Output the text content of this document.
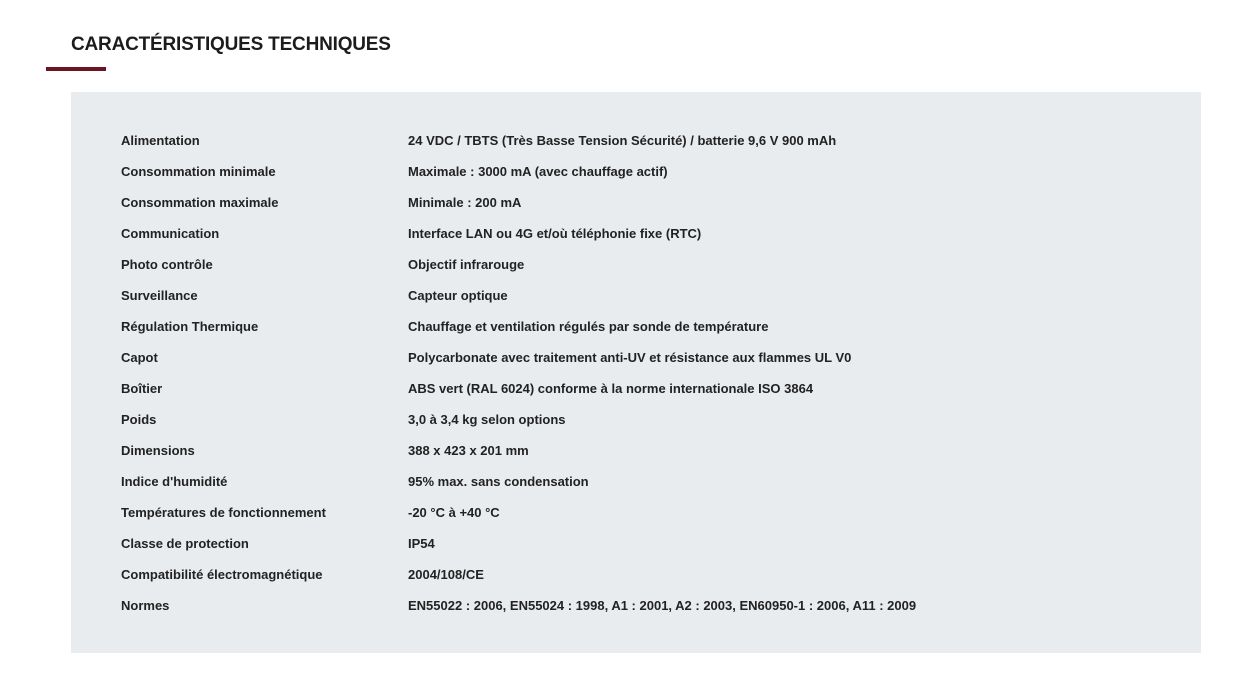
CARACTÉRISTIQUES TECHNIQUES
Alimentation	24 VDC / TBTS (Très Basse Tension Sécurité) / batterie 9,6 V 900 mAh
Consommation minimale	Maximale : 3000 mA (avec chauffage actif)
Consommation maximale	Minimale : 200 mA
Communication	Interface LAN ou 4G et/où téléphonie fixe (RTC)
Photo contrôle	Objectif infrarouge
Surveillance	Capteur optique
Régulation Thermique	Chauffage et ventilation régulés par sonde de température
Capot	Polycarbonate avec traitement anti-UV et résistance aux flammes UL V0
Boîtier	ABS vert (RAL 6024) conforme à la norme internationale ISO 3864
Poids	3,0 à 3,4 kg selon options
Dimensions	388 x 423 x 201 mm
Indice d'humidité	95% max. sans condensation
Températures de fonctionnement	-20 °C à +40 °C
Classe de protection	IP54
Compatibilité électromagnétique	2004/108/CE
Normes	EN55022 : 2006, EN55024 : 1998, A1 : 2001, A2 : 2003, EN60950-1 : 2006, A11 : 2009
